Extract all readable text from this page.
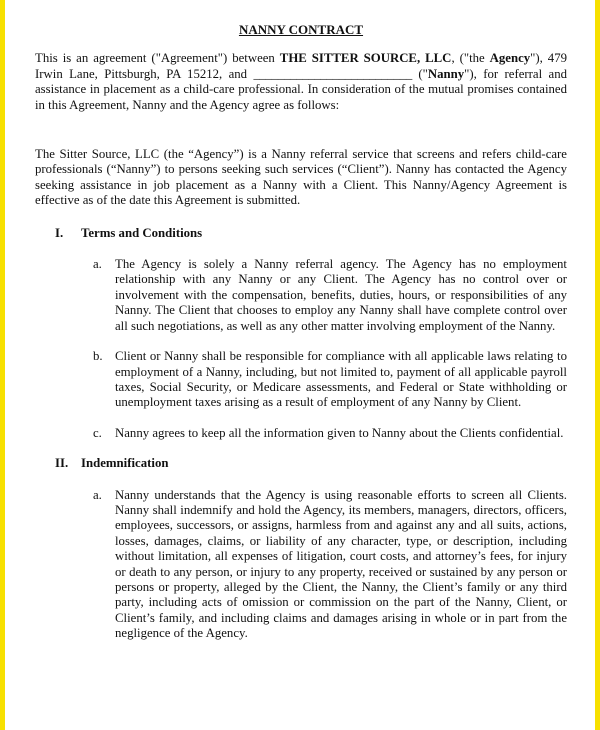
NANNY CONTRACT

This is an agreement ("Agreement") between THE SITTER SOURCE, LLC, ("the Agency"), 479 Irwin Lane, Pittsburgh, PA 15212, and __________________________ ("Nanny"), for referral and assistance in placement as a child-care professional. In consideration of the mutual promises contained in this Agreement, Nanny and the Agency agree as follows:

The Sitter Source, LLC (the “Agency”) is a Nanny referral service that screens and refers child-care professionals (“Nanny”) to persons seeking such services (“Client”). Nanny has contacted the Agency seeking assistance in job placement as a Nanny with a Client. This Nanny/Agency Agreement is effective as of the date this Agreement is submitted.

I.	Terms and Conditions
a.	The Agency is solely a Nanny referral agency. The Agency has no employment relationship with any Nanny or any Client. The Agency has no control over or involvement with the compensation, benefits, duties, hours, or responsibilities of any Nanny. The Client that chooses to employ any Nanny shall have complete control over all such negotiations, as well as any other matter involving employment of the Nanny.
b. Client or Nanny shall be responsible for compliance with all applicable laws relating to employment of a Nanny, including, but not limited to, payment of all applicable payroll taxes, Social Security, or Medicare assessments, and Federal or State withholding or unemployment taxes arising as a result of employment of any Nanny by Client.
c.	Nanny agrees to keep all the information given to Nanny about the Clients confidential.
II.	Indemnification
a.	Nanny understands that the Agency is using reasonable efforts to screen all Clients. Nanny shall indemnify and hold the Agency, its members, managers, directors, officers, employees, successors, or assigns, harmless from and against any and all suits, actions, losses, damages, claims, or liability of any character, type, or description, including without limitation, all expenses of litigation, court costs, and attorney’s fees, for injury or death to any person, or injury to any property, received or sustained by any person or persons or property, alleged by the Client, the Nanny, the Client’s family or any third party, including acts of omission or commission on the part of the Nanny, Client, or Client’s family, and including claims and damages arising in whole or in part from the negligence of the Agency.
